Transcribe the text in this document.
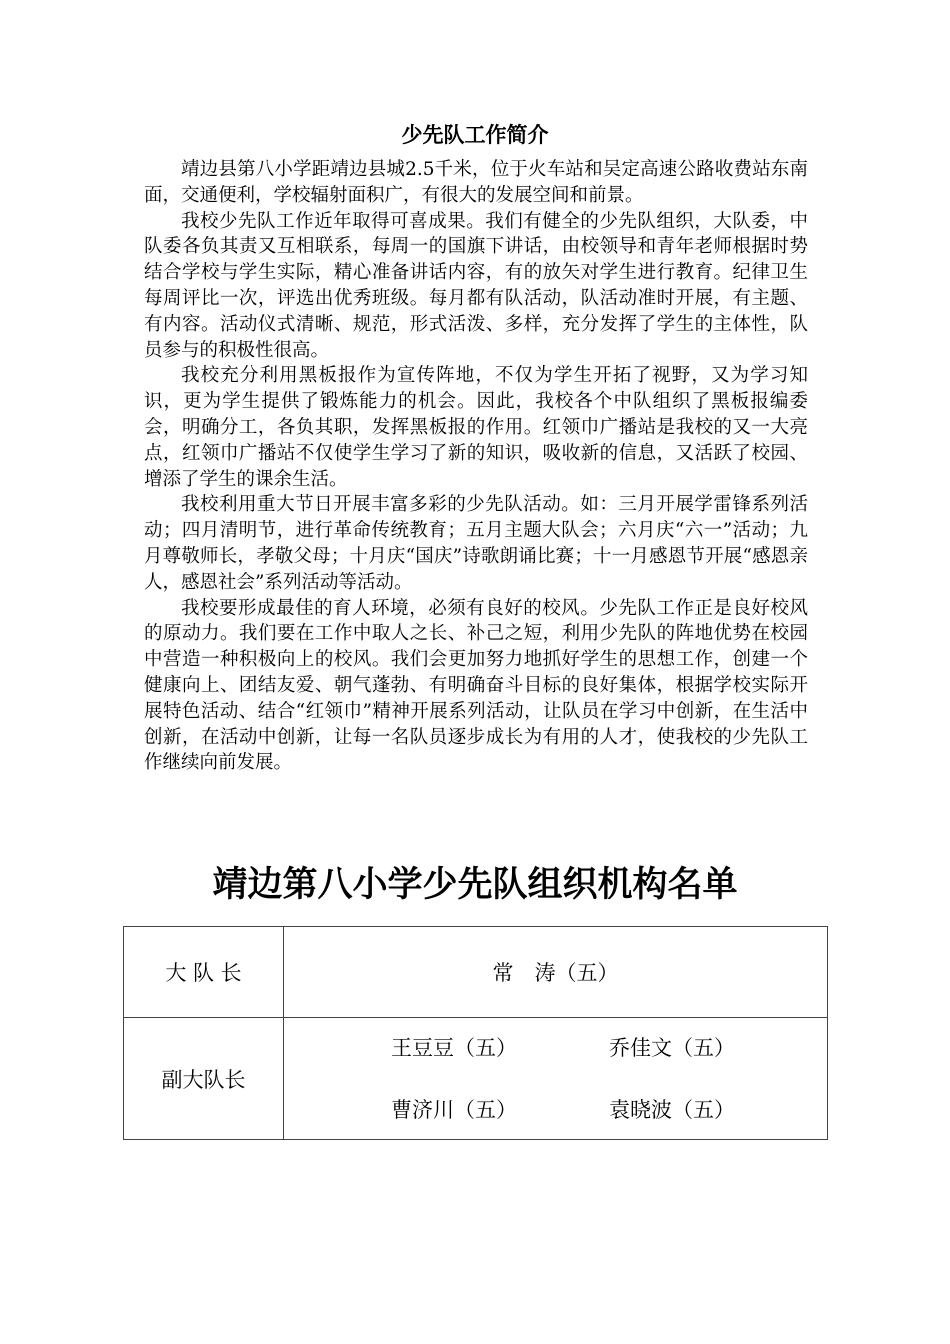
少先队工作简介

靖边县第八小学距靖边县城2.5千米，位于火车站和吴定高速公路收费站东南面，交通便利，学校辐射面积广，有很大的发展空间和前景。

我校少先队工作近年取得可喜成果。我们有健全的少先队组织，大队委，中队委各负其责又互相联系，每周一的国旗下讲话，由校领导和青年老师根据时势结合学校与学生实际，精心准备讲话内容，有的放矢对学生进行教育。纪律卫生每周评比一次，评选出优秀班级。每月都有队活动，队活动准时开展，有主题、有内容。活动仪式清晰、规范，形式活泼、多样，充分发挥了学生的主体性，队员参与的积极性很高。

我校充分利用黑板报作为宣传阵地，不仅为学生开拓了视野，又为学习知识，更为学生提供了锻炼能力的机会。因此，我校各个中队组织了黑板报编委会，明确分工，各负其职，发挥黑板报的作用。红领巾广播站是我校的又一大亮点，红领巾广播站不仅使学生学习了新的知识，吸收新的信息，又活跃了校园、增添了学生的课余生活。

我校利用重大节日开展丰富多彩的少先队活动。如：三月开展学雷锋系列活动；四月清明节，进行革命传统教育；五月主题大队会；六月庆“六一”活动；九月尊敬师长，孝敬父母；十月庆“国庆”诗歌朗诵比赛；十一月感恩节开展“感恩亲人，感恩社会”系列活动等活动。

我校要形成最佳的育人环境，必须有良好的校风。少先队工作正是良好校风的原动力。我们要在工作中取人之长、补己之短，利用少先队的阵地优势在校园中营造一种积极向上的校风。我们会更加努力地抓好学生的思想工作，创建一个健康向上、团结友爱、朝气蓬勃、有明确奋斗目标的良好集体，根据学校实际开展特色活动、结合“红领巾”精神开展系列活动，让队员在学习中创新，在生活中创新，在活动中创新，让每一名队员逐步成长为有用的人才，使我校的少先队工作继续向前发展。

靖边第八小学少先队组织机构名单
大 队 长	常　涛（五）
副大队长	王豆豆（五） 乔佳文（五）
曹济川（五） 袁晓波（五）
